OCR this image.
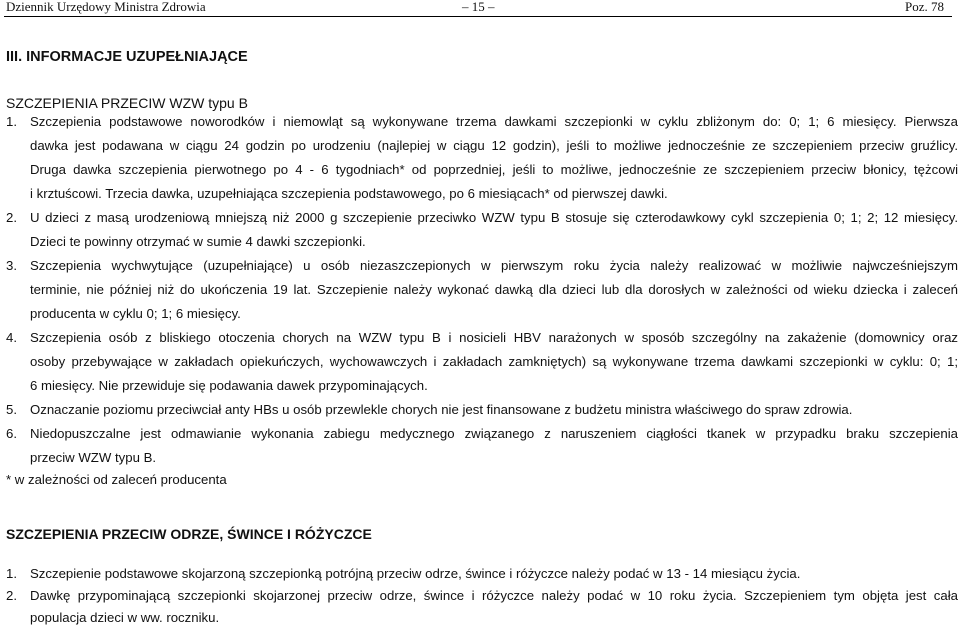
Dziennik Urzędowy Ministra Zdrowia	– 15 –	Poz. 78
III. INFORMACJE UZUPEŁNIAJĄCE
SZCZEPIENIA PRZECIW WZW typu B
1. Szczepienia podstawowe noworodków i niemowląt są wykonywane trzema dawkami szczepionki w cyklu zbliżonym do: 0; 1; 6 miesięcy. Pierwsza
dawka jest podawana w ciągu 24 godzin po urodzeniu (najlepiej w ciągu 12 godzin), jeśli to możliwe jednocześnie ze szczepieniem przeciw gruźlicy.
Druga dawka szczepienia pierwotnego po 4 - 6 tygodniach* od poprzedniej, jeśli to możliwe, jednocześnie ze szczepieniem przeciw błonicy, tężcowi
i krztuścowi. Trzecia dawka, uzupełniająca szczepienia podstawowego, po 6 miesiącach* od pierwszej dawki.
2. U dzieci z masą urodzeniową mniejszą niż 2000 g szczepienie przeciwko WZW typu B stosuje się czterodawkowy cykl szczepienia 0; 1; 2; 12 miesięcy.
Dzieci te powinny otrzymać w sumie 4 dawki szczepionki.
3. Szczepienia wychwytujące (uzupełniające) u osób niezaszczepionych w pierwszym roku życia należy realizować w możliwie najwcześniejszym
terminie, nie później niż do ukończenia 19 lat. Szczepienie należy wykonać dawką dla dzieci lub dla dorosłych w zależności od wieku dziecka i zaleceń
producenta w cyklu 0; 1; 6 miesięcy.
4. Szczepienia osób z bliskiego otoczenia chorych na WZW typu B i nosicieli HBV narażonych w sposób szczególny na zakażenie (domownicy oraz
osoby przebywające w zakładach opiekuńczych, wychowawczych i zakładach zamkniętych) są wykonywane trzema dawkami szczepionki w cyklu: 0; 1;
6 miesięcy. Nie przewiduje się podawania dawek przypominających.
5. Oznaczanie poziomu przeciwciał anty HBs u osób przewlekle chorych nie jest finansowane z budżetu ministra właściwego do spraw zdrowia.
6. Niedopuszczalne jest odmawianie wykonania zabiegu medycznego związanego z naruszeniem ciągłości tkanek w przypadku braku szczepienia
przeciw WZW typu B.
* w zależności od zaleceń producenta
SZCZEPIENIA PRZECIW ODRZE, ŚWINCE I RÓŻYCZCE
1. Szczepienie podstawowe skojarzoną szczepionką potrójną przeciw odrze, śwince i różyczce należy podać w 13 - 14 miesiącu życia.
2. Dawkę przypominającą szczepionki skojarzonej przeciw odrze, śwince i różyczce należy podać w 10 roku życia. Szczepieniem tym objęta jest cała
populacja dzieci w ww. roczniku.
